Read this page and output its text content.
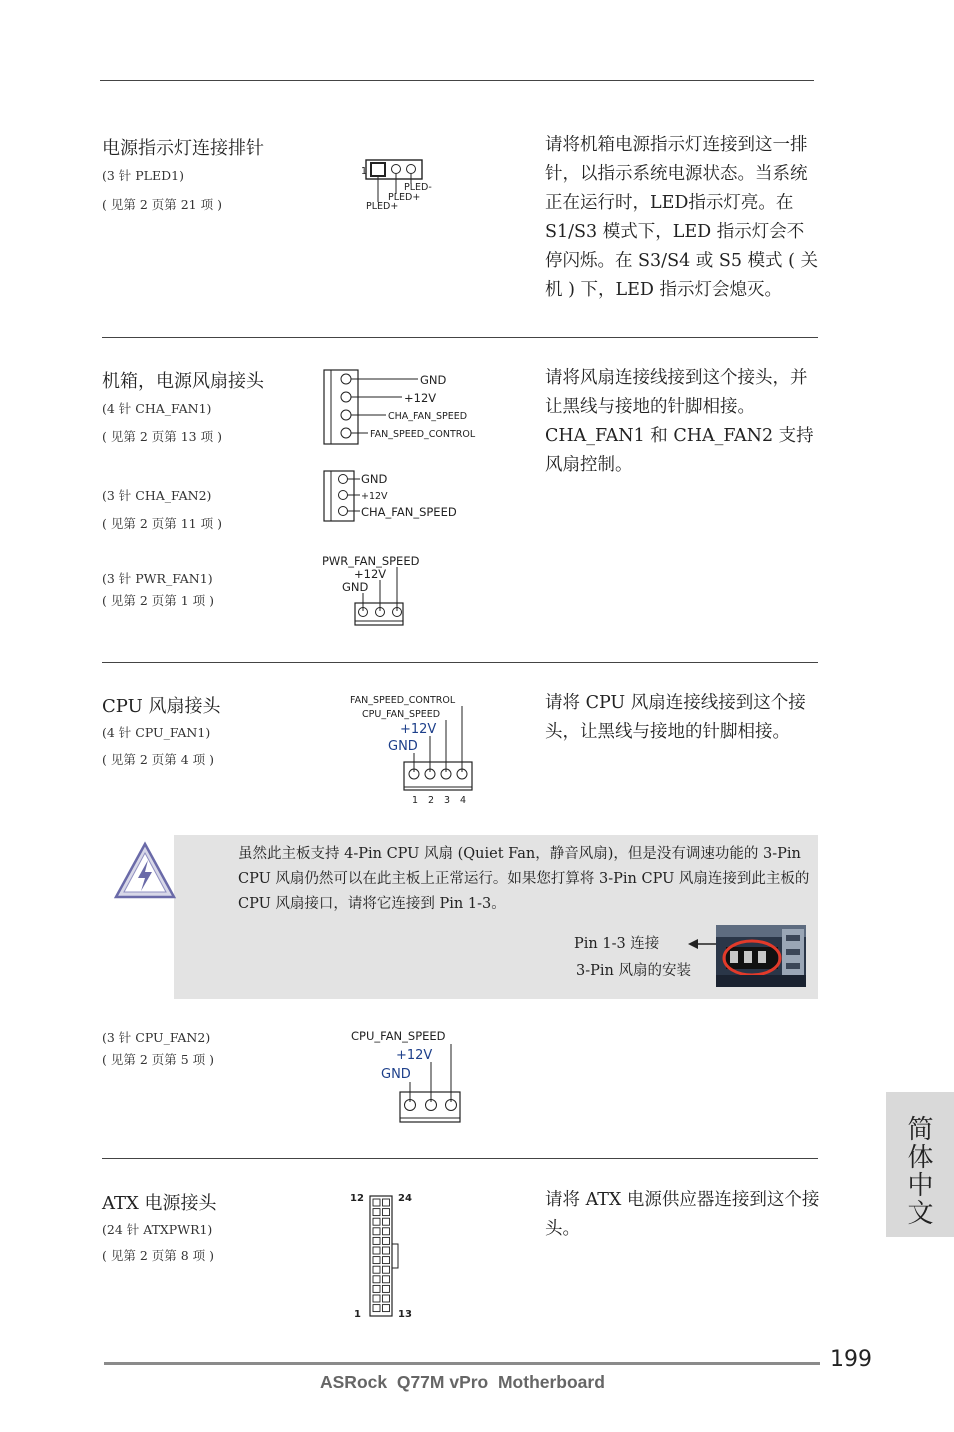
电源指示灯连接排针
(3 针 PLED1)
( 见第 2 页第 21 项 )
请将机箱电源指示灯连接到这一排针，以指示系统电源状态。当系统正在运行时，LED指示灯亮。在 S1/S3 模式下，LED 指示灯会不停闪烁。在 S3/S4 或 S5 模式 ( 关机 ) 下，LED 指示灯会熄灭。
1
PLED-
PLED+
PLED+
机箱，电源风扇接头
(4 针 CHA_FAN1)
( 见第 2 页第 13 项 )
(3 针 CHA_FAN2)
( 见第 2 页第 11 项 )
(3 针 PWR_FAN1)
( 见第 2 页第 1 项 )
请将风扇连接线接到这个接头，并让黑线与接地的针脚相接。CHA_FAN1 和 CHA_FAN2 支持风扇控制。
GND
+12V
CHA_FAN_SPEED
FAN_SPEED_CONTROL
GND
+12V
CHA_FAN_SPEED
PWR_FAN_SPEED
+12V
GND
CPU 风扇接头
(4 针 CPU_FAN1)
( 见第 2 页第 4 项 )
请将 CPU 风扇连接线接到这个接头，让黑线与接地的针脚相接。
FAN_SPEED_CONTROL
CPU_FAN_SPEED
+12V
GND
1 2 3 4
虽然此主板支持 4-Pin CPU 风扇 (Quiet Fan，静音风扇)，但是没有调速功能的 3-Pin CPU 风扇仍然可以在此主板上正常运行。如果您打算将 3-Pin CPU 风扇连接到此主板的 CPU 风扇接口，请将它连接到 Pin 1-3。
Pin 1-3 连接
3-Pin 风扇的安装
(3 针 CPU_FAN2)
( 见第 2 页第 5 项 )
CPU_FAN_SPEED
+12V
GND
ATX 电源接头
(24 针 ATXPWR1)
( 见第 2 页第 8 项 )
请将 ATX 电源供应器连接到这个接头。
12	24
1	13
简体中文
199
ASRock  Q77M vPro  Motherboard
